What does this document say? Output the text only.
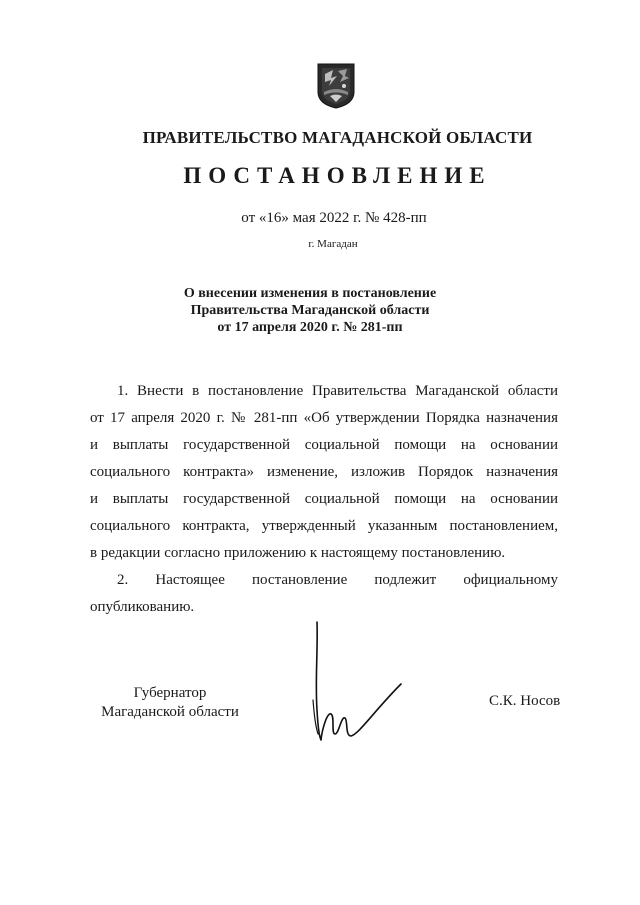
ПРАВИТЕЛЬСТВО МАГАДАНСКОЙ ОБЛАСТИ
ПОСТАНОВЛЕНИЕ
от «16» мая 2022 г. № 428-пп
г. Магадан
О внесении изменения в постановление
Правительства Магаданской области
от 17 апреля 2020 г. № 281-пп
1. Внести в постановление Правительства Магаданской области
от 17 апреля 2020 г. № 281-пп «Об утверждении Порядка назначения
и выплаты государственной социальной помощи на основании
социального контракта» изменение, изложив Порядок назначения
и выплаты государственной социальной помощи на основании
социального контракта, утвержденный указанным постановлением,
в редакции согласно приложению к настоящему постановлению.
2. Настоящее постановление подлежит официальному
опубликованию.
Губернатор
Магаданской области
С.К. Носов
